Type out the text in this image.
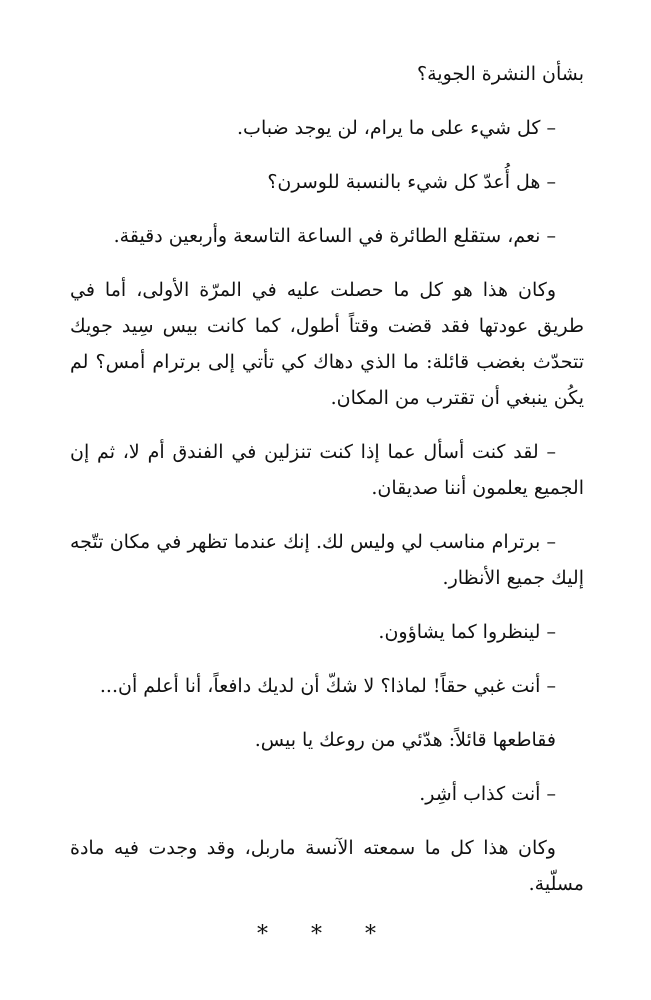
بشأن النشرة الجوية؟

– كل شيء على ما يرام، لن يوجد ضباب.

– هل أُعدّ كل شيء بالنسبة للوسرن؟

– نعم، ستقلع الطائرة في الساعة التاسعة وأربعين دقيقة.

وكان هذا هو كل ما حصلت عليه في المرّة الأولى، أما في طريق عودتها فقد قضت وقتاً أطول، كما كانت بيس سِيد جويك تتحدّث بغضب قائلة: ما الذي دهاك كي تأتي إلى برترام أمس؟ لم يكُن ينبغي أن تقترب من المكان.

– لقد كنت أسأل عما إذا كنت تنزلين في الفندق أم لا، ثم إن الجميع يعلمون أننا صديقان.

– برترام مناسب لي وليس لك. إنك عندما تظهر في مكان تتّجه إليك جميع الأنظار.

– لينظروا كما يشاؤون.

– أنت غبي حقاً! لماذا؟ لا شكّ أن لديك دافعاً، أنا أعلم أن...

فقاطعها قائلاً: هدّئي من روعك يا بيس.

– أنت كذاب أشِر.

وكان هذا كل ما سمعته الآنسة ماربل، وقد وجدت فيه مادة مسلّية.

* * *
